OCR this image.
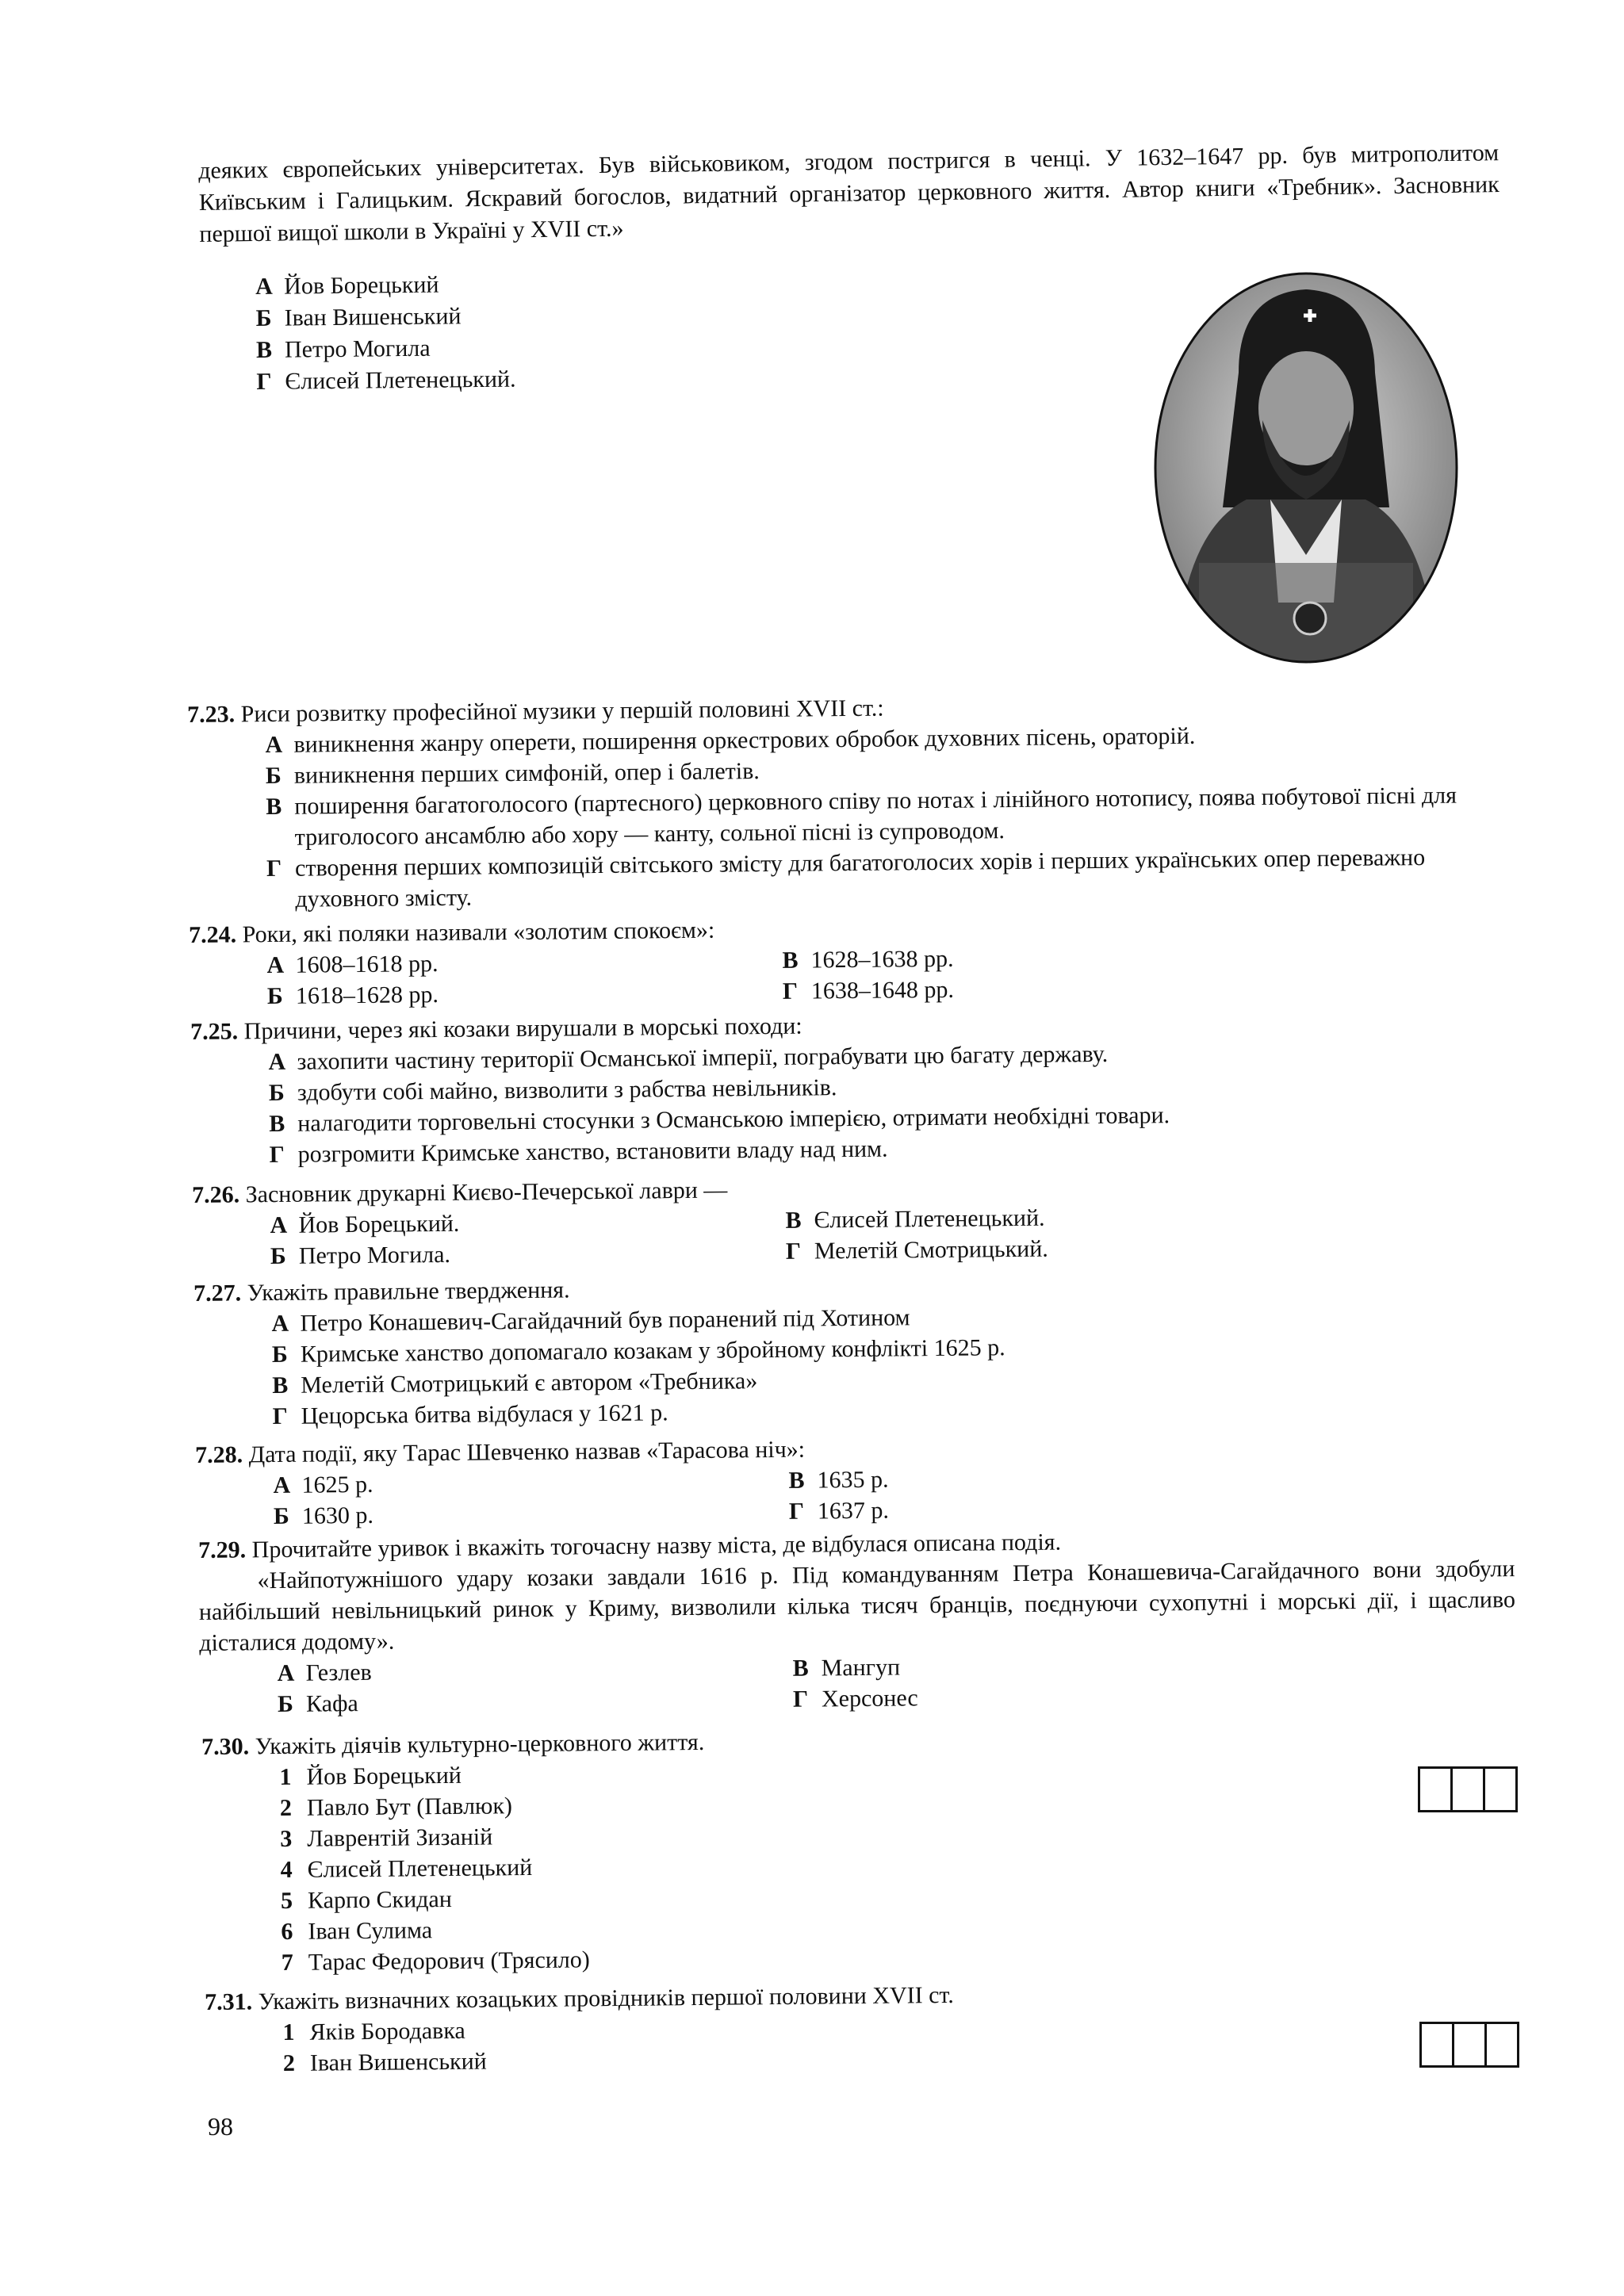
деяких європейських університетах. Був військовиком, згодом постригся в ченці. У 1632–1647 рр. був митрополитом Київським і Галицьким. Яскравий богослов, видатний організатор церковного життя. Автор книги «Требник». Засновник першої вищої школи в Україні у XVII ст.»
А Йов Борецький
Б Іван Вишенський
В Петро Могила
Г Єлисей Плетенецький.
7.23. Риси розвитку професійної музики у першій половині XVII ст.:
А виникнення жанру оперети, поширення оркестрових обробок духовних пісень, ораторій.
Б виникнення перших симфоній, опер і балетів.
В поширення багатоголосого (партесного) церковного співу по нотах і лінійного нотопису, поява побутової пісні для триголосого ансамблю або хору — канту, сольної пісні із супроводом.
Г створення перших композицій світського змісту для багатоголосих хорів і перших українських опер переважно духовного змісту.
7.24. Роки, які поляки називали «золотим спокоєм»:
А 1608–1618 рр.	В 1628–1638 рр.
Б 1618–1628 рр.	Г 1638–1648 рр.
7.25. Причини, через які козаки вирушали в морські походи:
А захопити частину території Османської імперії, пограбувати цю багату державу.
Б здобути собі майно, визволити з рабства невільників.
В налагодити торговельні стосунки з Османською імперією, отримати необхідні товари.
Г розгромити Кримське ханство, встановити владу над ним.
7.26. Засновник друкарні Києво-Печерської лаври —
А Йов Борецький.	В Єлисей Плетенецький.
Б Петро Могила.	Г Мелетій Смотрицький.
7.27. Укажіть правильне твердження.
А Петро Конашевич-Сагайдачний був поранений під Хотином
Б Кримське ханство допомагало козакам у збройному конфлікті 1625 р.
В Мелетій Смотрицький є автором «Требника»
Г Цецорська битва відбулася у 1621 р.
7.28. Дата події, яку Тарас Шевченко назвав «Тарасова ніч»:
А 1625 р.	В 1635 р.
Б 1630 р.	Г 1637 р.
7.29. Прочитайте уривок і вкажіть тогочасну назву міста, де відбулася описана подія.
«Найпотужнішого удару козаки завдали 1616 р. Під командуванням Петра Конашевича-Сагайдачного вони здобули найбільший невільницький ринок у Криму, визволили кілька тисяч бранців, поєднуючи сухопутні і морські дії, і щасливо дісталися додому».
А Гезлев	В Мангуп
Б Кафа	Г Херсонес
7.30. Укажіть діячів культурно-церковного життя.
1 Йов Борецький
2 Павло Бут (Павлюк)
3 Лаврентій Зизаній
4 Єлисей Плетенецький
5 Карпо Скидан
6 Іван Сулима
7 Тарас Федорович (Трясило)
7.31. Укажіть визначних козацьких провідників першої половини XVII ст.
1 Яків Бородавка
2 Іван Вишенський
98
